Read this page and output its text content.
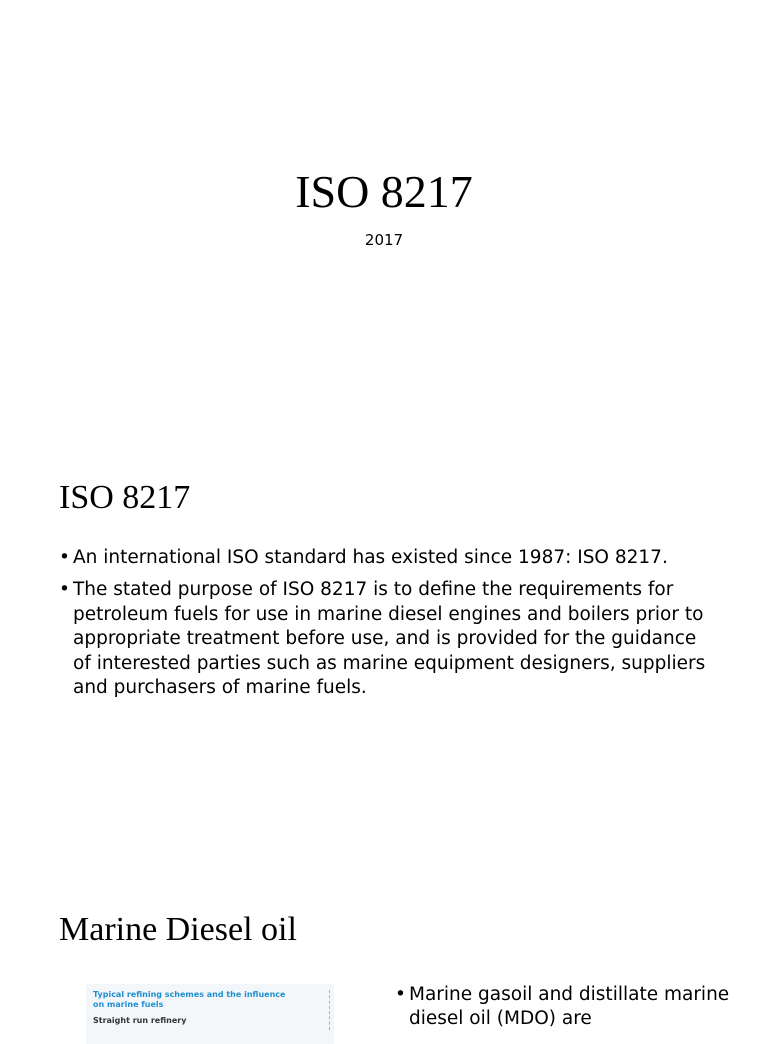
ISO 8217

2017

ISO 8217
• An international ISO standard has existed since 1987: ISO 8217.
• The stated purpose of ISO 8217 is to define the requirements for petroleum fuels for use in marine diesel engines and boilers prior to appropriate treatment before use, and is provided for the guidance of interested parties such as marine equipment designers, suppliers and purchasers of marine fuels.
Marine Diesel oil
Typical refining schemes and the influence on marine fuels
Straight run refinery
• Marine gasoil and distillate marine diesel oil (MDO) are
